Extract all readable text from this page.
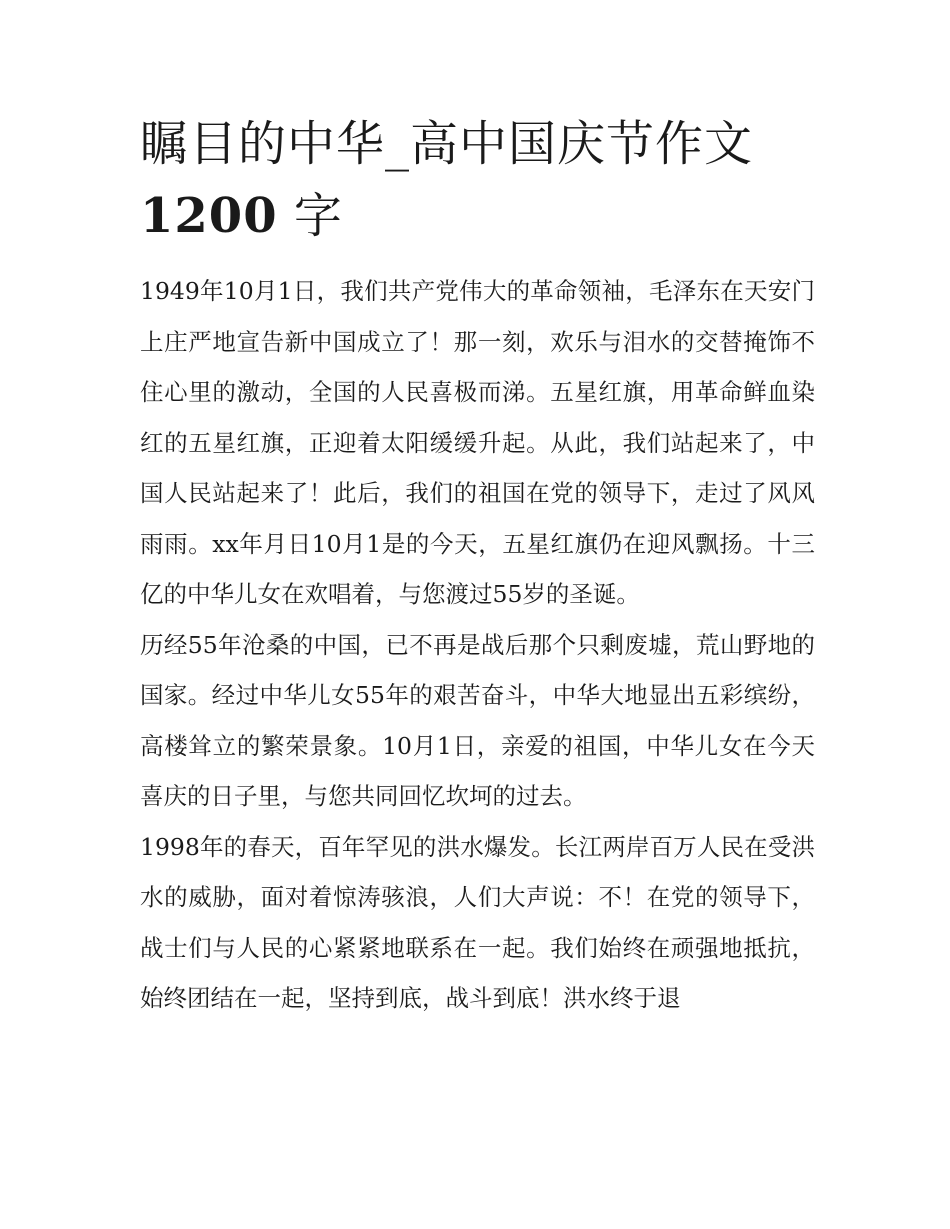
瞩目的中华_高中国庆节作文
1200 字

1949年10月1日，我们共产党伟大的革命领袖，毛泽东在天安门上庄严地宣告新中国成立了！那一刻，欢乐与泪水的交替掩饰不住心里的激动，全国的人民喜极而涕。五星红旗，用革命鲜血染红的五星红旗，正迎着太阳缓缓升起。从此，我们站起来了，中国人民站起来了！此后，我们的祖国在党的领导下，走过了风风雨雨。xx年月日10月1是的今天，五星红旗仍在迎风飘扬。十三亿的中华儿女在欢唱着，与您渡过55岁的圣诞。

历经55年沧桑的中国，已不再是战后那个只剩废墟，荒山野地的国家。经过中华儿女55年的艰苦奋斗，中华大地显出五彩缤纷，高楼耸立的繁荣景象。10月1日，亲爱的祖国，中华儿女在今天喜庆的日子里，与您共同回忆坎坷的过去。

1998年的春天，百年罕见的洪水爆发。长江两岸百万人民在受洪水的威胁，面对着惊涛骇浪，人们大声说：不！在党的领导下，战士们与人民的心紧紧地联系在一起。我们始终在顽强地抵抗，始终团结在一起，坚持到底，战斗到底！洪水终于退
